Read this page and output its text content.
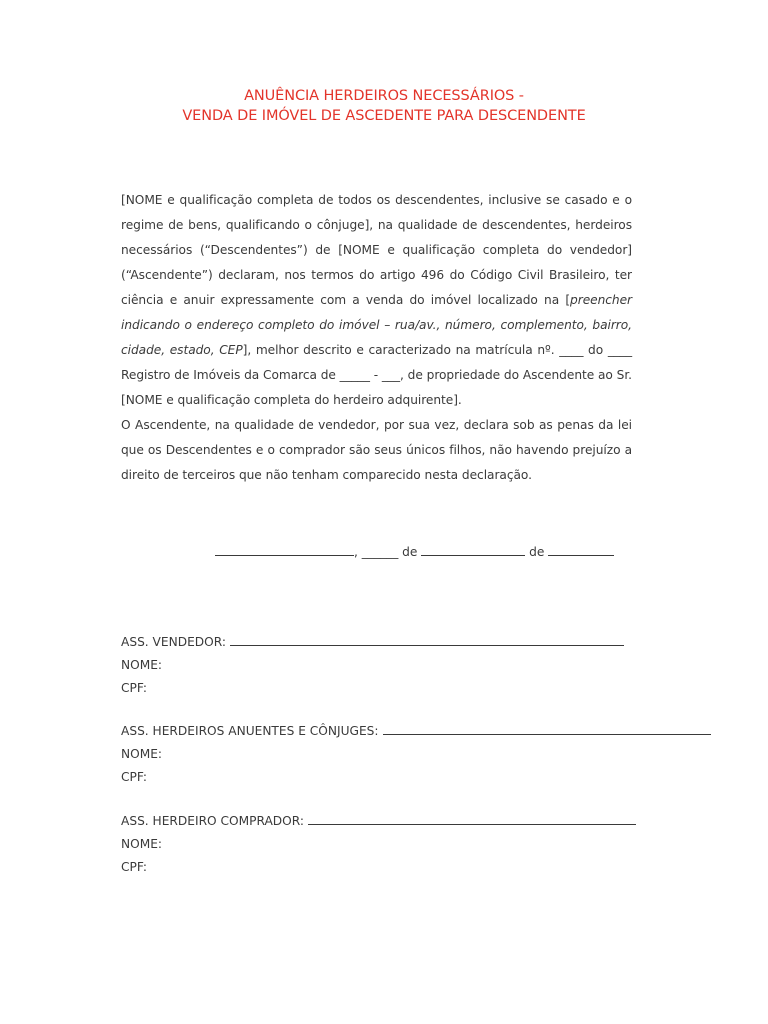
ANUÊNCIA HERDEIROS NECESSÁRIOS -
VENDA DE IMÓVEL DE ASCEDENTE PARA DESCENDENTE
[NOME e qualificação completa de todos os descendentes, inclusive se casado e o regime de bens, qualificando o cônjuge], na qualidade de descendentes, herdeiros necessários (“Descendentes”) de [NOME e qualificação completa do vendedor] (“Ascendente”) declaram, nos termos do artigo 496 do Código Civil Brasileiro, ter ciência e anuir expressamente com a venda do imóvel localizado na [preencher indicando o endereço completo do imóvel – rua/av., número, complemento, bairro, cidade, estado, CEP], melhor descrito e caracterizado na matrícula nº. ____ do ____ Registro de Imóveis da Comarca de _____ - ___, de propriedade do Ascendente ao Sr. [NOME e qualificação completa do herdeiro adquirente].
O Ascendente, na qualidade de vendedor, por sua vez, declara sob as penas da lei que os Descendentes e o comprador são seus únicos filhos, não havendo prejuízo a direito de terceiros que não tenham comparecido nesta declaração.
, ______ de	de
ASS. VENDEDOR:
NOME:
CPF:
ASS. HERDEIROS ANUENTES E CÔNJUGES:
NOME:
CPF:
ASS. HERDEIRO COMPRADOR:
NOME:
CPF:
